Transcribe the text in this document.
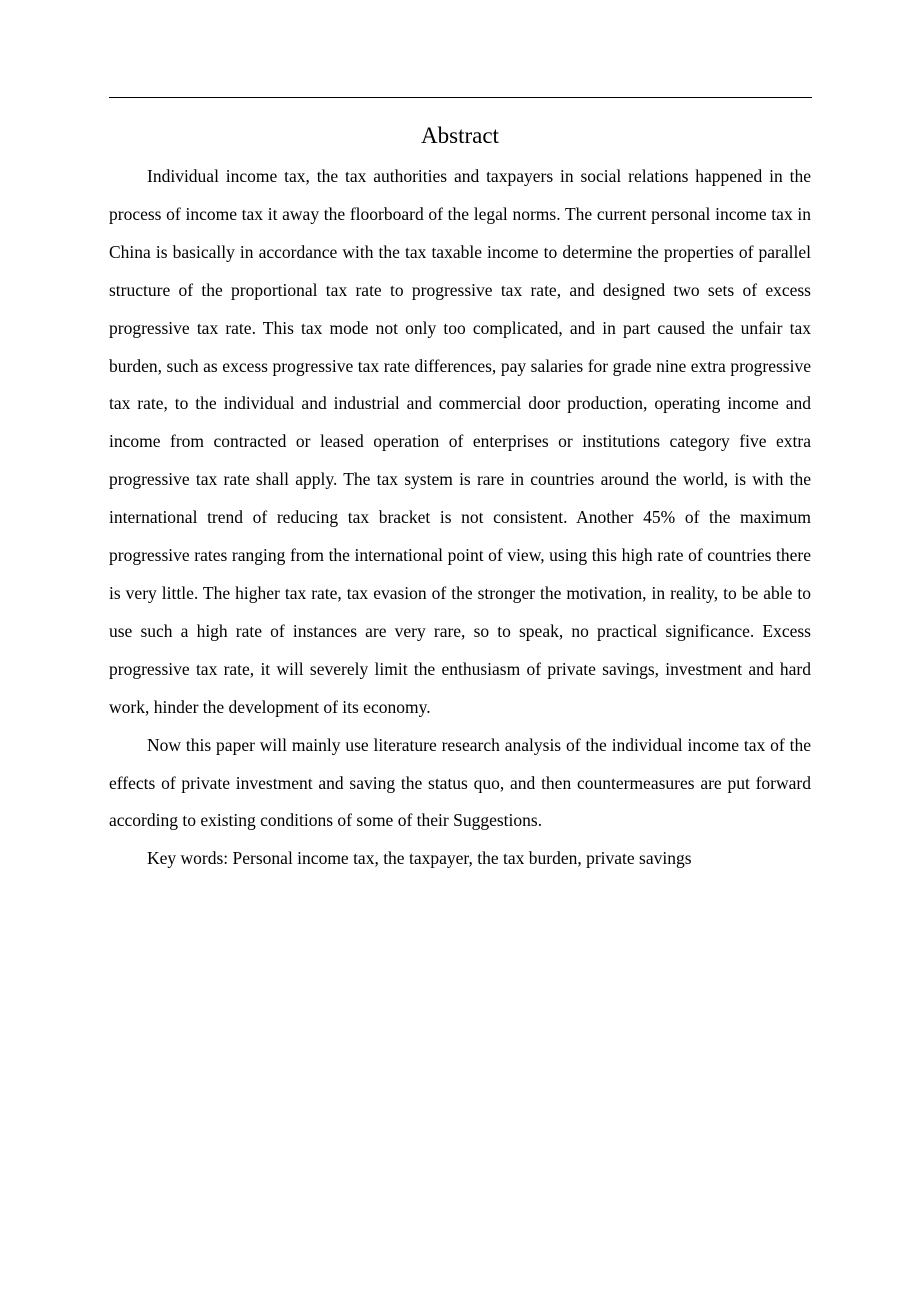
Abstract

Individual income tax, the tax authorities and taxpayers in social relations happened in the process of income tax it away the floorboard of the legal norms. The current personal income tax in China is basically in accordance with the tax taxable income to determine the properties of parallel structure of the proportional tax rate to progressive tax rate, and designed two sets of excess progressive tax rate. This tax mode not only too complicated, and in part caused the unfair tax burden, such as excess progressive tax rate differences, pay salaries for grade nine extra progressive tax rate, to the individual and industrial and commercial door production, operating income and income from contracted or leased operation of enterprises or institutions category five extra progressive tax rate shall apply. The tax system is rare in countries around the world, is with the international trend of reducing tax bracket is not consistent. Another 45% of the maximum progressive rates ranging from the international point of view, using this high rate of countries there is very little. The higher tax rate, tax evasion of the stronger the motivation, in reality, to be able to use such a high rate of instances are very rare, so to speak, no practical significance. Excess progressive tax rate, it will severely limit the enthusiasm of private savings, investment and hard work, hinder the development of its economy.

Now this paper will mainly use literature research analysis of the individual income tax of the effects of private investment and saving the status quo, and then countermeasures are put forward according to existing conditions of some of their Suggestions.

Key words: Personal income tax, the taxpayer, the tax burden, private savings
